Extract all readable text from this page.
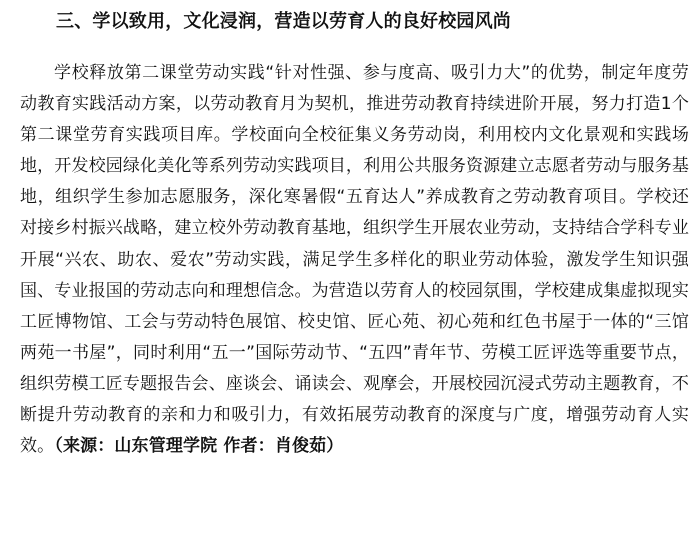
三、学以致用，文化浸润，营造以劳育人的良好校园风尚

学校释放第二课堂劳动实践“针对性强、参与度高、吸引力大”的优势，制定年度劳动教育实践活动方案，以劳动教育月为契机，推进劳动教育持续进阶开展，努力打造1个第二课堂劳育实践项目库。学校面向全校征集义务劳动岗，利用校内文化景观和实践场地，开发校园绿化美化等系列劳动实践项目，利用公共服务资源建立志愿者劳动与服务基地，组织学生参加志愿服务，深化寒暑假“五育达人”养成教育之劳动教育项目。学校还对接乡村振兴战略，建立校外劳动教育基地，组织学生开展农业劳动，支持结合学科专业开展“兴农、助农、爱农”劳动实践，满足学生多样化的职业劳动体验，激发学生知识强国、专业报国的劳动志向和理想信念。为营造以劳育人的校园氛围，学校建成集虚拟现实工匠博物馆、工会与劳动特色展馆、校史馆、匠心苑、初心苑和红色书屋于一体的“三馆两苑一书屋”，同时利用“五一”国际劳动节、“五四”青年节、劳模工匠评选等重要节点，组织劳模工匠专题报告会、座谈会、诵读会、观摩会，开展校园沉浸式劳动主题教育，不断提升劳动教育的亲和力和吸引力，有效拓展劳动教育的深度与广度，增强劳动育人实效。（来源：山东管理学院 作者：肖俊茹）
